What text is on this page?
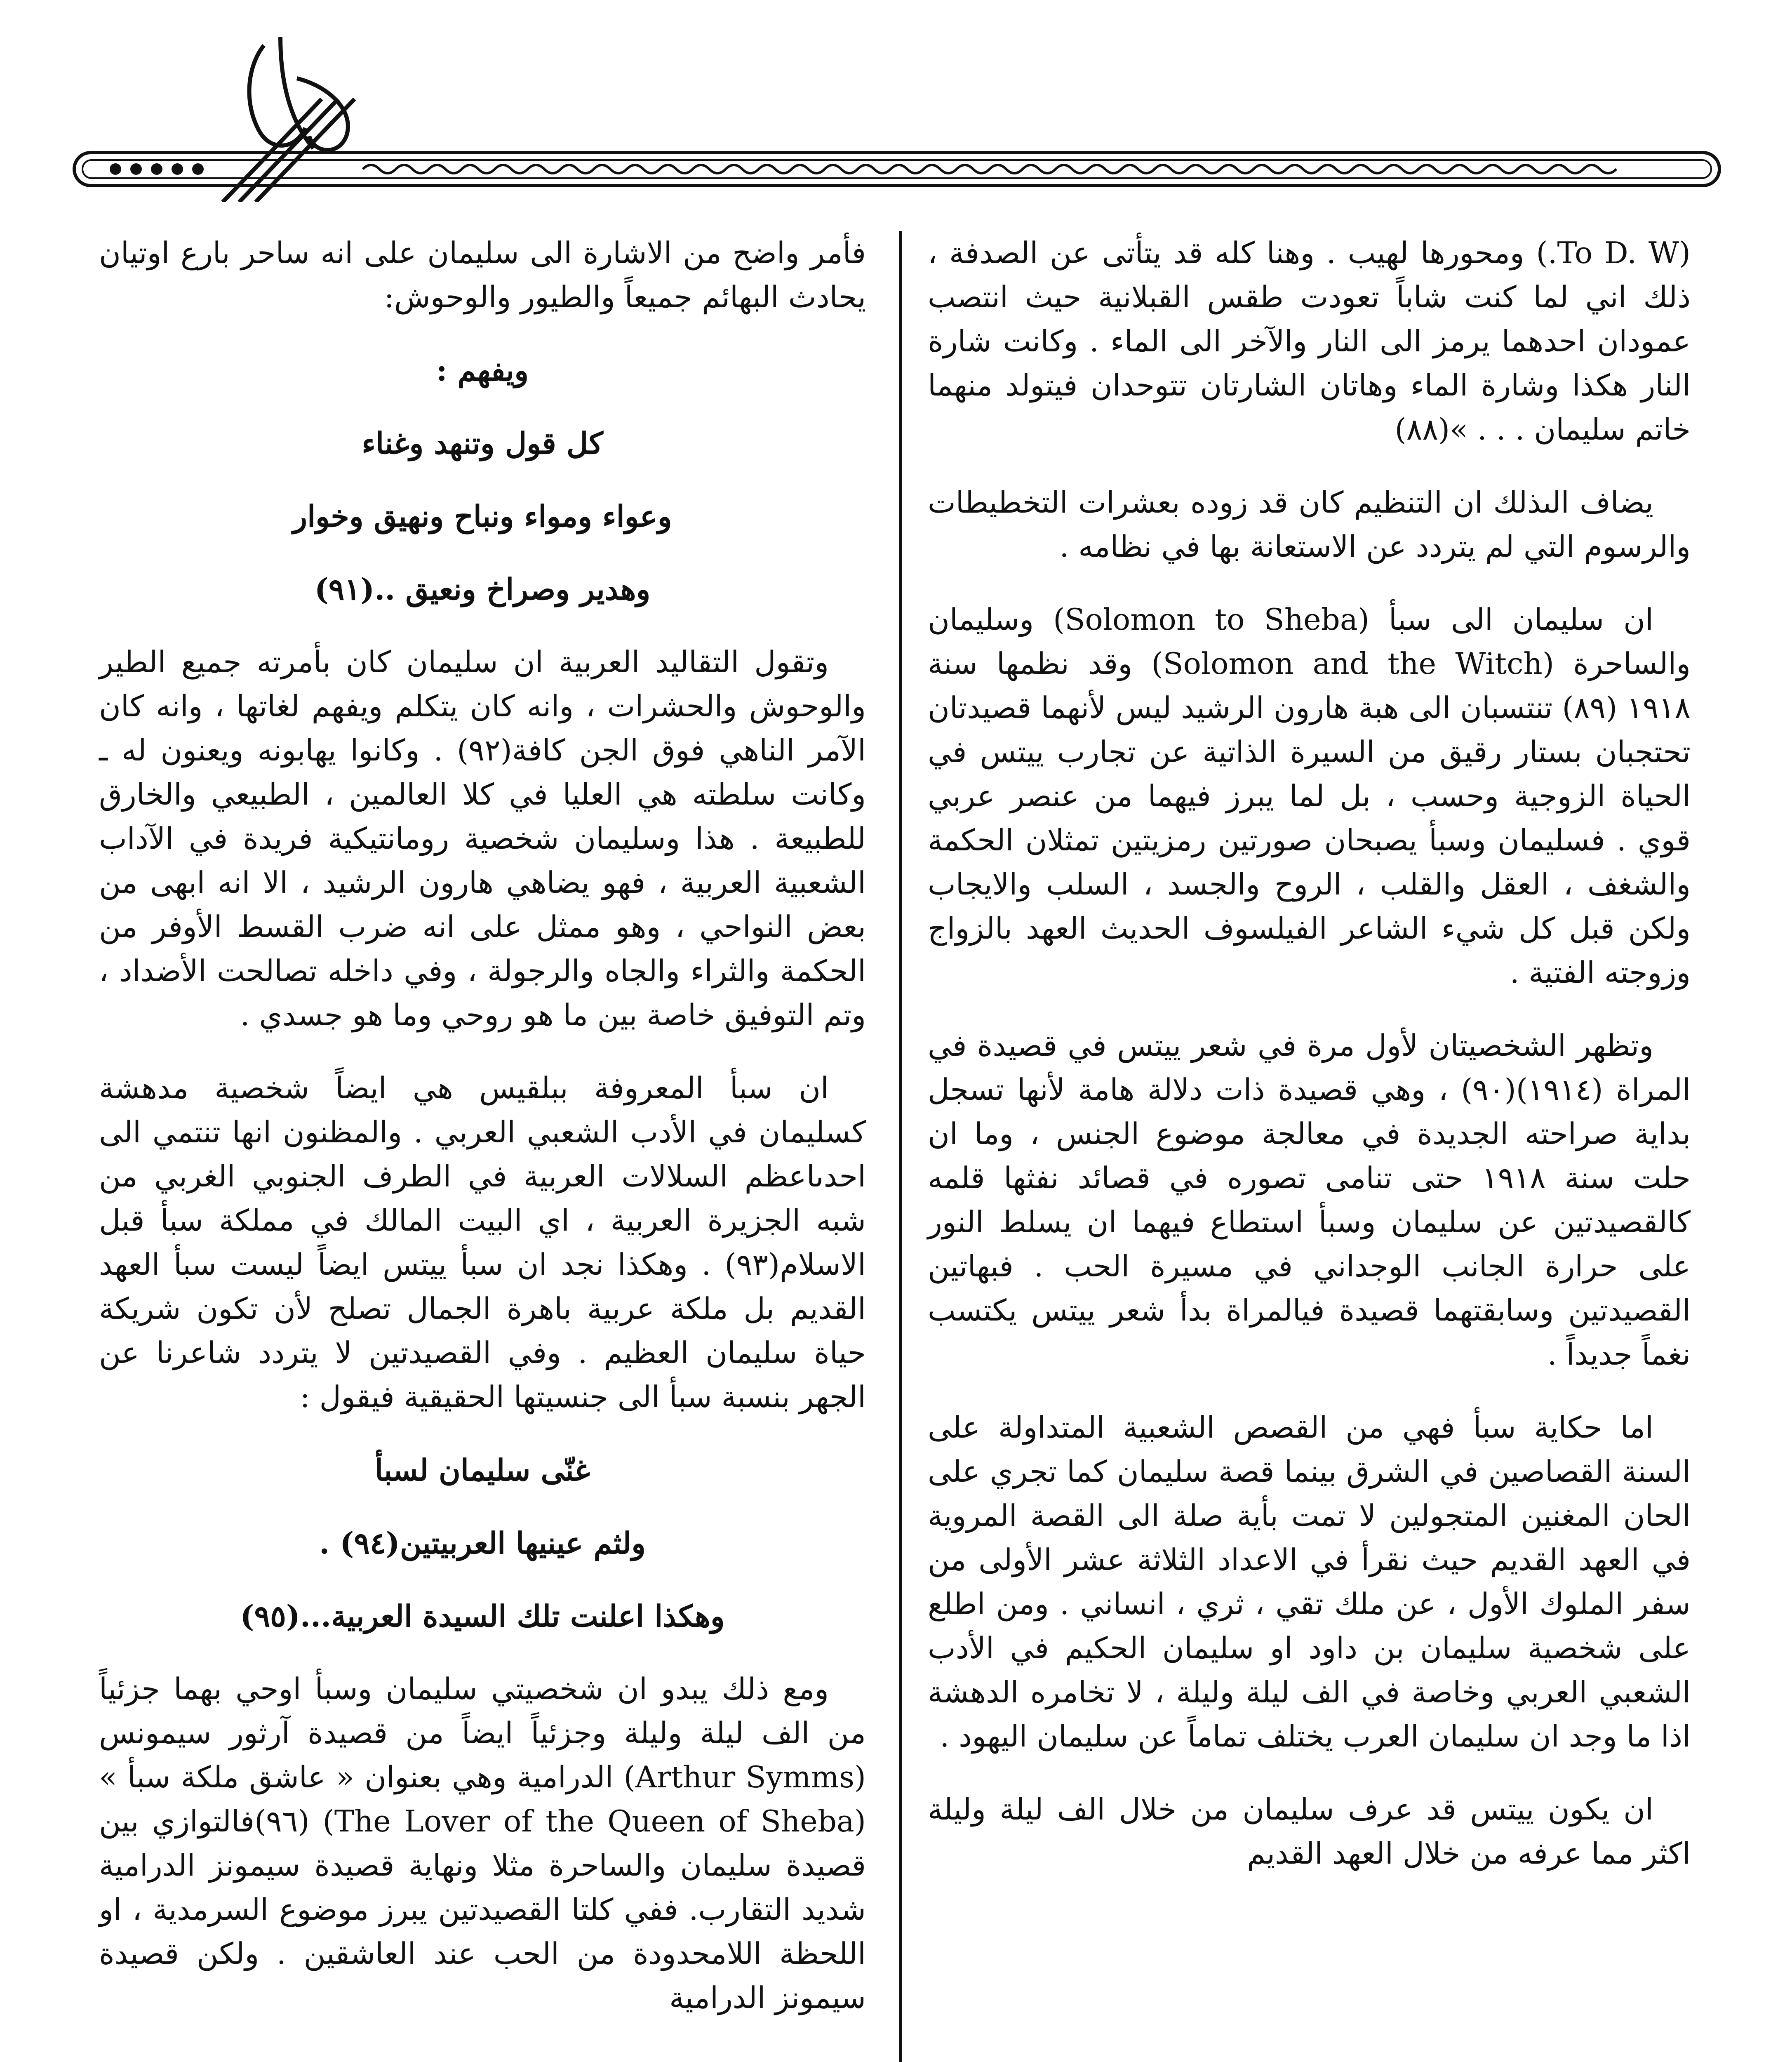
(To D. W.) ومحورها لهيب . وهنا كله قد يتأتى عن الصدفة ، ذلك اني لما كنت شاباً تعودت طقس القبلانية حيث انتصب عمودان احدهما يرمز الى النار والآخر الى الماء . وكانت شارة النار هكذا وشارة الماء وهاتان الشارتان تتوحدان فيتولد منهما خاتم سليمان . . . »(٨٨)

يضاف الىذلك ان التنظيم كان قد زوده بعشرات التخطيطات والرسوم التي لم يتردد عن الاستعانة بها في نظامه .

ان سليمان الى سبأ (Solomon to Sheba) وسليمان والساحرة (Solomon and the Witch) وقد نظمها سنة ١٩١٨ (٨٩) تنتسبان الى هبة هارون الرشيد ليس لأنهما قصيدتان تحتجبان بستار رقيق من السيرة الذاتية عن تجارب ييتس في الحياة الزوجية وحسب ، بل لما يبرز فيهما من عنصر عربي قوي . فسليمان وسبأ يصبحان صورتين رمزيتين تمثلان الحكمة والشغف ، العقل والقلب ، الروح والجسد ، السلب والايجاب ولكن قبل كل شيء الشاعر الفيلسوف الحديث العهد بالزواج وزوجته الفتية .

وتظهر الشخصيتان لأول مرة في شعر ييتس في قصيدة في المراة (١٩١٤)(٩٠) ، وهي قصيدة ذات دلالة هامة لأنها تسجل بداية صراحته الجديدة في معالجة موضوع الجنس ، وما ان حلت سنة ١٩١٨ حتى تنامى تصوره في قصائد نفثها قلمه كالقصيدتين عن سليمان وسبأ استطاع فيهما ان يسلط النور على حرارة الجانب الوجداني في مسيرة الحب . فبهاتين القصيدتين وسابقتهما قصيدة فيالمراة بدأ شعر ييتس يكتسب نغماً جديداً .

اما حكاية سبأ فهي من القصص الشعبية المتداولة على السنة القصاصين في الشرق بينما قصة سليمان كما تجري على الحان المغنين المتجولين لا تمت بأية صلة الى القصة المروية في العهد القديم حيث نقرأ في الاعداد الثلاثة عشر الأولى من سفر الملوك الأول ، عن ملك تقي ، ثري ، انساني . ومن اطلع على شخصية سليمان بن داود او سليمان الحكيم في الأدب الشعبي العربي وخاصة في الف ليلة وليلة ، لا تخامره الدهشة اذا ما وجد ان سليمان العرب يختلف تماماً عن سليمان اليهود .

ان يكون ييتس قد عرف سليمان من خلال الف ليلة وليلة اكثر مما عرفه من خلال العهد القديم

فأمر واضح من الاشارة الى سليمان على انه ساحر بارع اوتيان يحادث البهائم جميعاً والطيور والوحوش:

ويفهم :

كل قول وتنهد وغناء

وعواء ومواء ونباح ونهيق وخوار

وهدير وصراخ ونعيق ..(٩١)

وتقول التقاليد العربية ان سليمان كان بأمرته جميع الطير والوحوش والحشرات ، وانه كان يتكلم ويفهم لغاتها ، وانه كان الآمر الناهي فوق الجن كافة(٩٢) . وكانوا يهابونه ويعنون له ـ وكانت سلطته هي العليا في كلا العالمين ، الطبيعي والخارق للطبيعة . هذا وسليمان شخصية رومانتيكية فريدة في الآداب الشعبية العربية ، فهو يضاهي هارون الرشيد ، الا انه ابهى من بعض النواحي ، وهو ممثل على انه ضرب القسط الأوفر من الحكمة والثراء والجاه والرجولة ، وفي داخله تصالحت الأضداد ، وتم التوفيق خاصة بين ما هو روحي وما هو جسدي .

ان سبأ المعروفة ببلقيس هي ايضاً شخصية مدهشة كسليمان في الأدب الشعبي العربي . والمظنون انها تنتمي الى احدىاعظم السلالات العربية في الطرف الجنوبي الغربي من شبه الجزيرة العربية ، اي البيت المالك في مملكة سبأ قبل الاسلام(٩٣) . وهكذا نجد ان سبأ ييتس ايضاً ليست سبأ العهد القديم بل ملكة عربية باهرة الجمال تصلح لأن تكون شريكة حياة سليمان العظيم . وفي القصيدتين لا يتردد شاعرنا عن الجهر بنسبة سبأ الى جنسيتها الحقيقية فيقول :

غنّى سليمان لسبأ

ولثم عينيها العربيتين(٩٤) .

وهكذا اعلنت تلك السيدة العربية...(٩٥)

ومع ذلك يبدو ان شخصيتي سليمان وسبأ اوحي بهما جزئياً من الف ليلة وليلة وجزئياً ايضاً من قصيدة آرثور سيمونس (Arthur Symms) الدرامية وهي بعنوان « عاشق ملكة سبأ » (The Lover of the Queen of Sheba) (٩٦)فالتوازي بين قصيدة سليمان والساحرة مثلا ونهاية قصيدة سيمونز الدرامية شديد التقارب. ففي كلتا القصيدتين يبرز موضوع السرمدية ، او اللحظة اللامحدودة من الحب عند العاشقين . ولكن قصيدة سيمونز الدرامية
